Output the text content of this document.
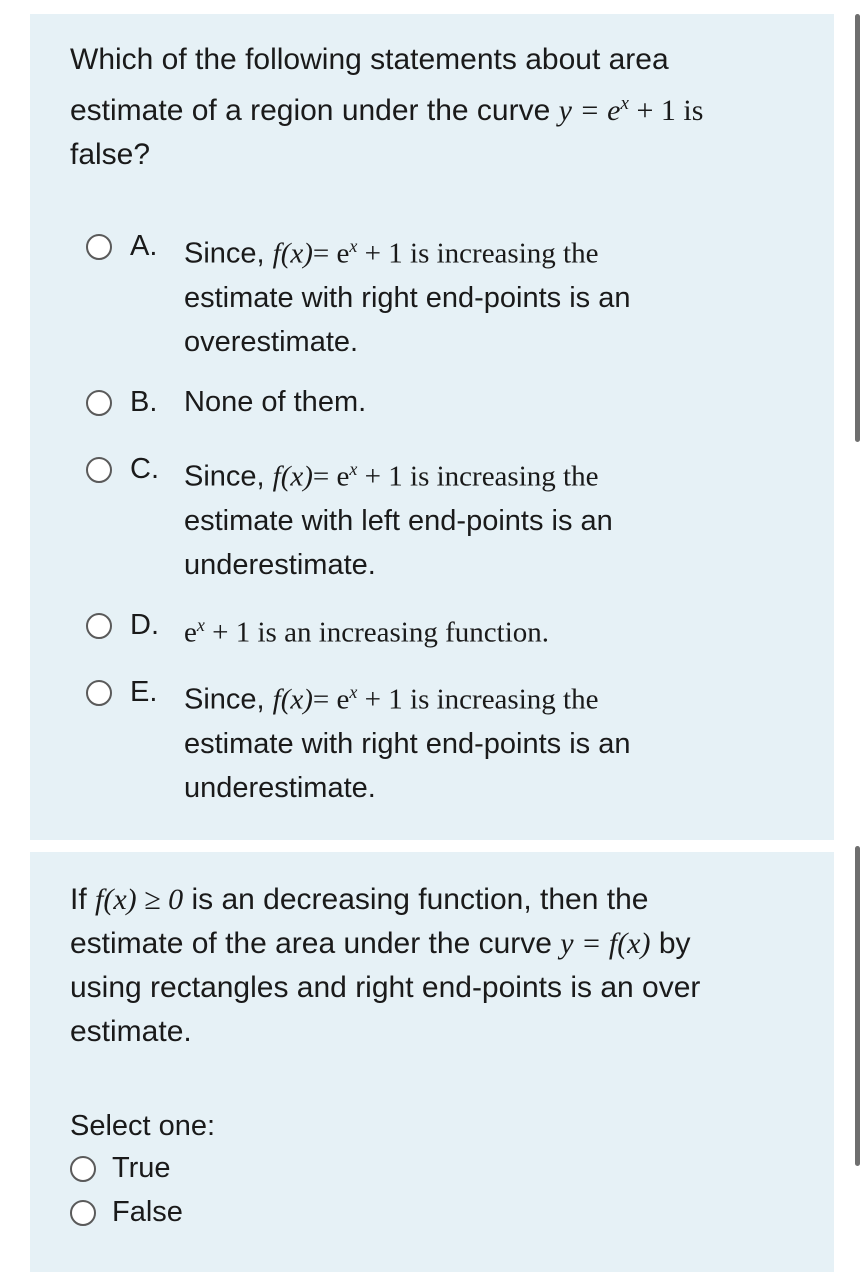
Which of the following statements about area
estimate of a region under the curve $y = e^x + 1$ is
false?
A. Since, $f(x)= e^x + 1$ is increasing the
estimate with right end-points is an
overestimate.
B. None of them.
C. Since, $f(x)= e^x + 1$ is increasing the
estimate with left end-points is an
underestimate.
D. $e^x + 1$ is an increasing function.
E. Since, $f(x)= e^x + 1$ is increasing the
estimate with right end-points is an
underestimate.
If f(x) ≥ 0 is an decreasing function, then the
estimate of the area under the curve y = f(x) by
using rectangles and right end-points is an over
estimate.
Select one:
True
False
